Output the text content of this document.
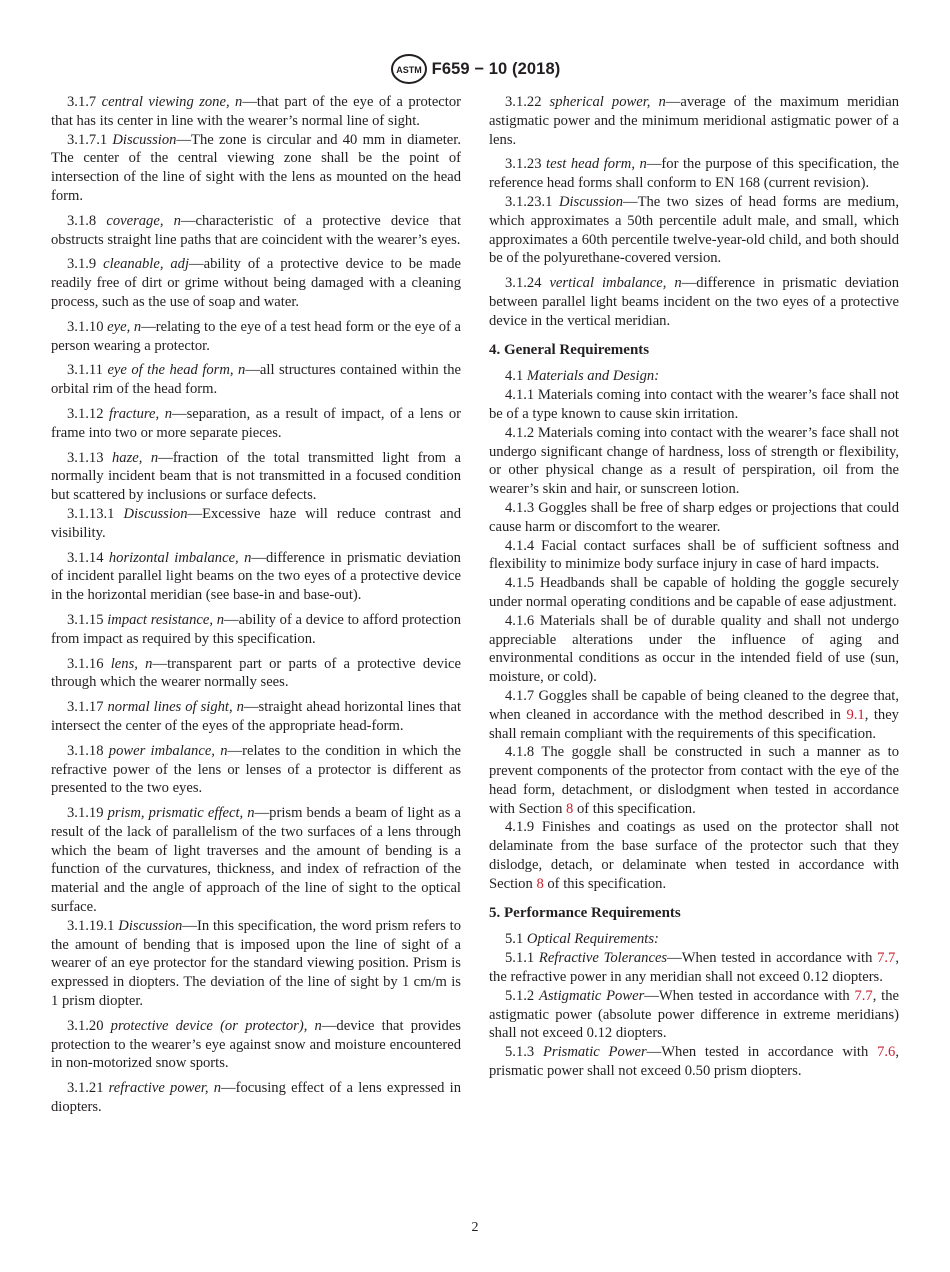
ASTM F659 − 10 (2018)

3.1.7 central viewing zone, n—that part of the eye of a protector that has its center in line with the wearer’s normal line of sight.

3.1.7.1 Discussion—The zone is circular and 40 mm in diameter. The center of the central viewing zone shall be the point of intersection of the line of sight with the lens as mounted on the head form.

3.1.8 coverage, n—characteristic of a protective device that obstructs straight line paths that are coincident with the wearer’s eyes.

3.1.9 cleanable, adj—ability of a protective device to be made readily free of dirt or grime without being damaged with a cleaning process, such as the use of soap and water.

3.1.10 eye, n—relating to the eye of a test head form or the eye of a person wearing a protector.

3.1.11 eye of the head form, n—all structures contained within the orbital rim of the head form.

3.1.12 fracture, n—separation, as a result of impact, of a lens or frame into two or more separate pieces.

3.1.13 haze, n—fraction of the total transmitted light from a normally incident beam that is not transmitted in a focused condition but scattered by inclusions or surface defects.

3.1.13.1 Discussion—Excessive haze will reduce contrast and visibility.

3.1.14 horizontal imbalance, n—difference in prismatic deviation of incident parallel light beams on the two eyes of a protective device in the horizontal meridian (see base-in and base-out).

3.1.15 impact resistance, n—ability of a device to afford protection from impact as required by this specification.

3.1.16 lens, n—transparent part or parts of a protective device through which the wearer normally sees.

3.1.17 normal lines of sight, n—straight ahead horizontal lines that intersect the center of the eyes of the appropriate head-form.

3.1.18 power imbalance, n—relates to the condition in which the refractive power of the lens or lenses of a protector is different as presented to the two eyes.

3.1.19 prism, prismatic effect, n—prism bends a beam of light as a result of the lack of parallelism of the two surfaces of a lens through which the beam of light traverses and the amount of bending is a function of the curvatures, thickness, and index of refraction of the material and the angle of approach of the line of sight to the optical surface.

3.1.19.1 Discussion—In this specification, the word prism refers to the amount of bending that is imposed upon the line of sight of a wearer of an eye protector for the standard viewing position. Prism is expressed in diopters. The deviation of the line of sight by 1 cm/m is 1 prism diopter.

3.1.20 protective device (or protector), n—device that provides protection to the wearer’s eye against snow and moisture encountered in non-motorized snow sports.

3.1.21 refractive power, n—focusing effect of a lens expressed in diopters.

3.1.22 spherical power, n—average of the maximum meridian astigmatic power and the minimum meridional astigmatic power of a lens.

3.1.23 test head form, n—for the purpose of this specification, the reference head forms shall conform to EN 168 (current revision).

3.1.23.1 Discussion—The two sizes of head forms are medium, which approximates a 50th percentile adult male, and small, which approximates a 60th percentile twelve-year-old child, and both should be of the polyurethane-covered version.

3.1.24 vertical imbalance, n—difference in prismatic deviation between parallel light beams incident on the two eyes of a protective device in the vertical meridian.

4. General Requirements

4.1 Materials and Design:

4.1.1 Materials coming into contact with the wearer’s face shall not be of a type known to cause skin irritation.

4.1.2 Materials coming into contact with the wearer’s face shall not undergo significant change of hardness, loss of strength or flexibility, or other physical change as a result of perspiration, oil from the wearer’s skin and hair, or sunscreen lotion.

4.1.3 Goggles shall be free of sharp edges or projections that could cause harm or discomfort to the wearer.

4.1.4 Facial contact surfaces shall be of sufficient softness and flexibility to minimize body surface injury in case of hard impacts.

4.1.5 Headbands shall be capable of holding the goggle securely under normal operating conditions and be capable of ease adjustment.

4.1.6 Materials shall be of durable quality and shall not undergo appreciable alterations under the influence of aging and environmental conditions as occur in the intended field of use (sun, moisture, or cold).

4.1.7 Goggles shall be capable of being cleaned to the degree that, when cleaned in accordance with the method described in 9.1, they shall remain compliant with the requirements of this specification.

4.1.8 The goggle shall be constructed in such a manner as to prevent components of the protector from contact with the eye of the head form, detachment, or dislodgment when tested in accordance with Section 8 of this specification.

4.1.9 Finishes and coatings as used on the protector shall not delaminate from the base surface of the protector such that they dislodge, detach, or delaminate when tested in accordance with Section 8 of this specification.

5. Performance Requirements

5.1 Optical Requirements:

5.1.1 Refractive Tolerances—When tested in accordance with 7.7, the refractive power in any meridian shall not exceed 0.12 diopters.

5.1.2 Astigmatic Power—When tested in accordance with 7.7, the astigmatic power (absolute power difference in extreme meridians) shall not exceed 0.12 diopters.

5.1.3 Prismatic Power—When tested in accordance with 7.6, prismatic power shall not exceed 0.50 prism diopters.

2
